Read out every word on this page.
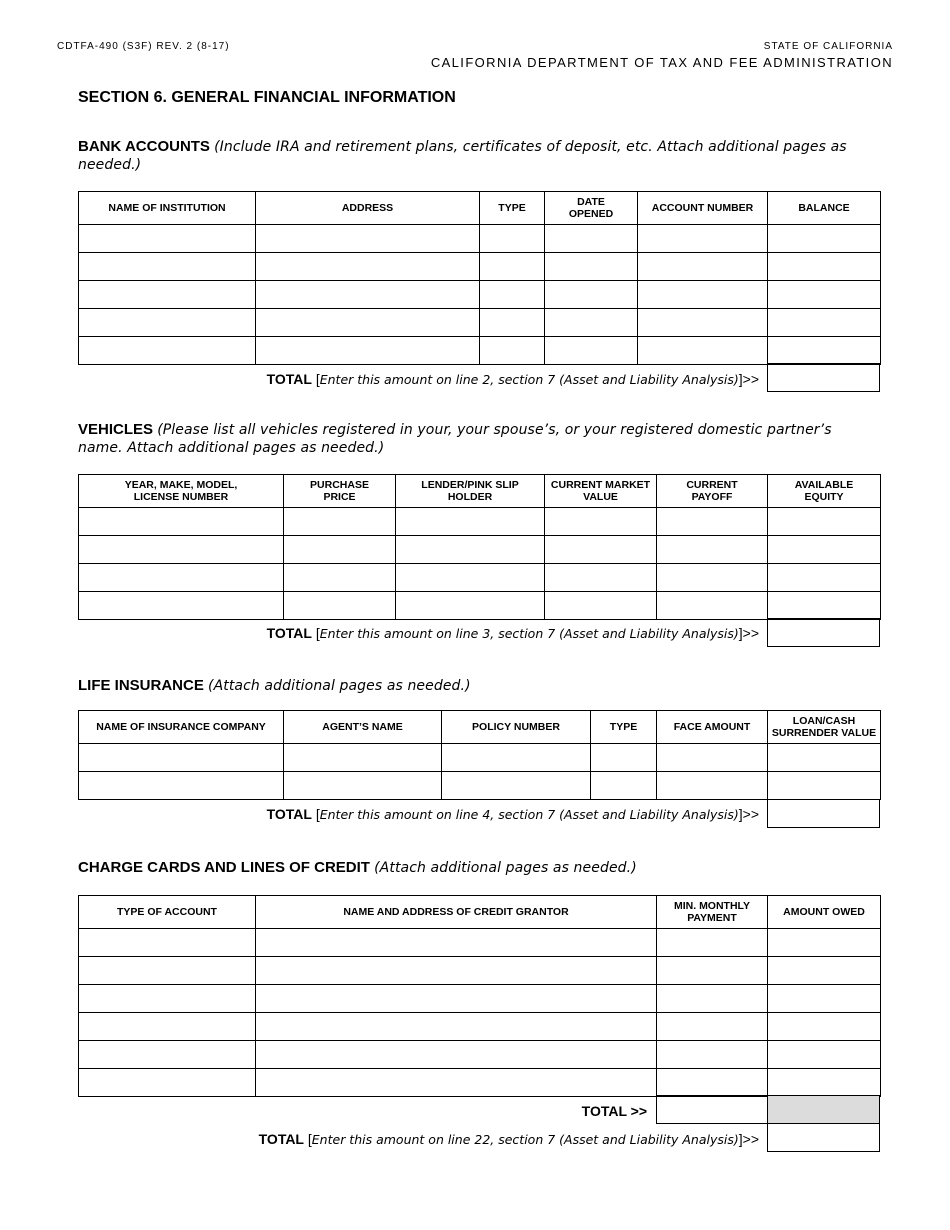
CDTFA-490 (S3F) REV. 2 (8-17)	STATE OF CALIFORNIA
CALIFORNIA DEPARTMENT OF TAX AND FEE ADMINISTRATION
SECTION 6. GENERAL FINANCIAL INFORMATION
BANK ACCOUNTS (Include IRA and retirement plans, certificates of deposit, etc. Attach additional pages as needed.)
NAME OF INSTITUTION	ADDRESS	TYPE	DATE OPENED	ACCOUNT NUMBER	BALANCE

TOTAL [Enter this amount on line 2, section 7 (Asset and Liability Analysis)]>>
VEHICLES (Please list all vehicles registered in your, your spouse’s, or your registered domestic partner’s name. Attach additional pages as needed.)
YEAR, MAKE, MODEL, LICENSE NUMBER	PURCHASE PRICE	LENDER/PINK SLIP HOLDER	CURRENT MARKET VALUE	CURRENT PAYOFF	AVAILABLE EQUITY

TOTAL [Enter this amount on line 3, section 7 (Asset and Liability Analysis)]>>
LIFE INSURANCE (Attach additional pages as needed.)
NAME OF INSURANCE COMPANY	AGENT’S NAME	POLICY NUMBER	TYPE	FACE AMOUNT	LOAN/CASH SURRENDER VALUE

TOTAL [Enter this amount on line 4, section 7 (Asset and Liability Analysis)]>>
CHARGE CARDS AND LINES OF CREDIT (Attach additional pages as needed.)
TYPE OF ACCOUNT	NAME AND ADDRESS OF CREDIT GRANTOR	MIN. MONTHLY PAYMENT	AMOUNT OWED

TOTAL >>
TOTAL [Enter this amount on line 22, section 7 (Asset and Liability Analysis)]>>
